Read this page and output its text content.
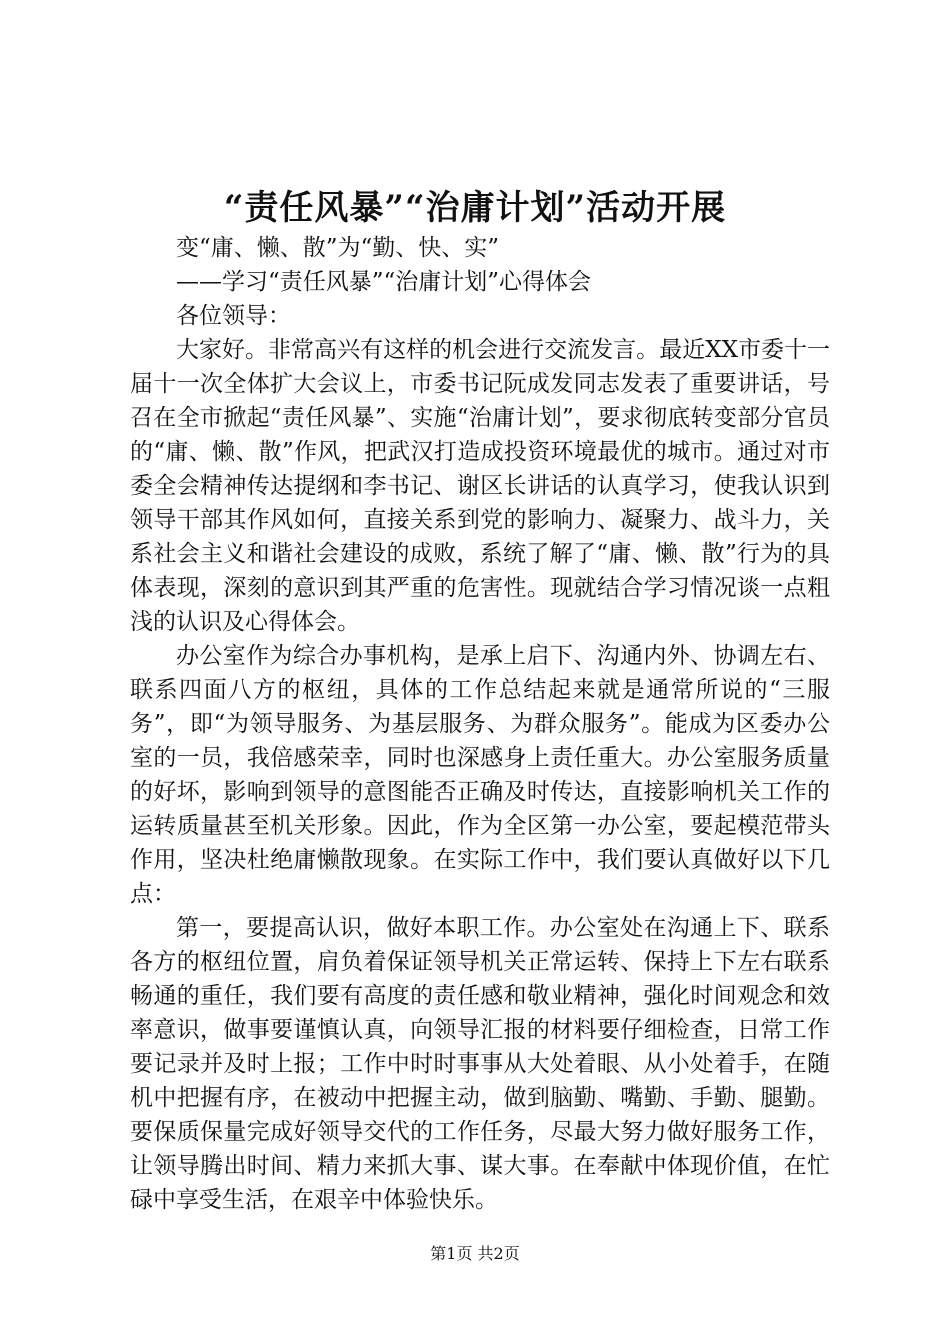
“责任风暴”“治庸计划”活动开展

变“庸、懒、散”为“勤、快、实”

——学习“责任风暴”“治庸计划”心得体会

各位领导：

大家好。非常高兴有这样的机会进行交流发言。最近XX市委十一届十一次全体扩大会议上，市委书记阮成发同志发表了重要讲话，号召在全市掀起“责任风暴”、实施“治庸计划”，要求彻底转变部分官员的“庸、懒、散”作风，把武汉打造成投资环境最优的城市。通过对市委全会精神传达提纲和李书记、谢区长讲话的认真学习，使我认识到领导干部其作风如何，直接关系到党的影响力、凝聚力、战斗力，关系社会主义和谐社会建设的成败，系统了解了“庸、懒、散”行为的具体表现，深刻的意识到其严重的危害性。现就结合学习情况谈一点粗浅的认识及心得体会。

办公室作为综合办事机构，是承上启下、沟通内外、协调左右、联系四面八方的枢纽，具体的工作总结起来就是通常所说的“三服务”，即“为领导服务、为基层服务、为群众服务”。能成为区委办公室的一员，我倍感荣幸，同时也深感身上责任重大。办公室服务质量的好坏，影响到领导的意图能否正确及时传达，直接影响机关工作的运转质量甚至机关形象。因此，作为全区第一办公室，要起模范带头作用，坚决杜绝庸懒散现象。在实际工作中，我们要认真做好以下几点：

第一，要提高认识，做好本职工作。办公室处在沟通上下、联系各方的枢纽位置，肩负着保证领导机关正常运转、保持上下左右联系畅通的重任，我们要有高度的责任感和敬业精神，强化时间观念和效率意识，做事要谨慎认真，向领导汇报的材料要仔细检查，日常工作要记录并及时上报；工作中时时事事从大处着眼、从小处着手，在随机中把握有序，在被动中把握主动，做到脑勤、嘴勤、手勤、腿勤。要保质保量完成好领导交代的工作任务，尽最大努力做好服务工作，让领导腾出时间、精力来抓大事、谋大事。在奉献中体现价值，在忙碌中享受生活，在艰辛中体验快乐。

第1页 共2页
